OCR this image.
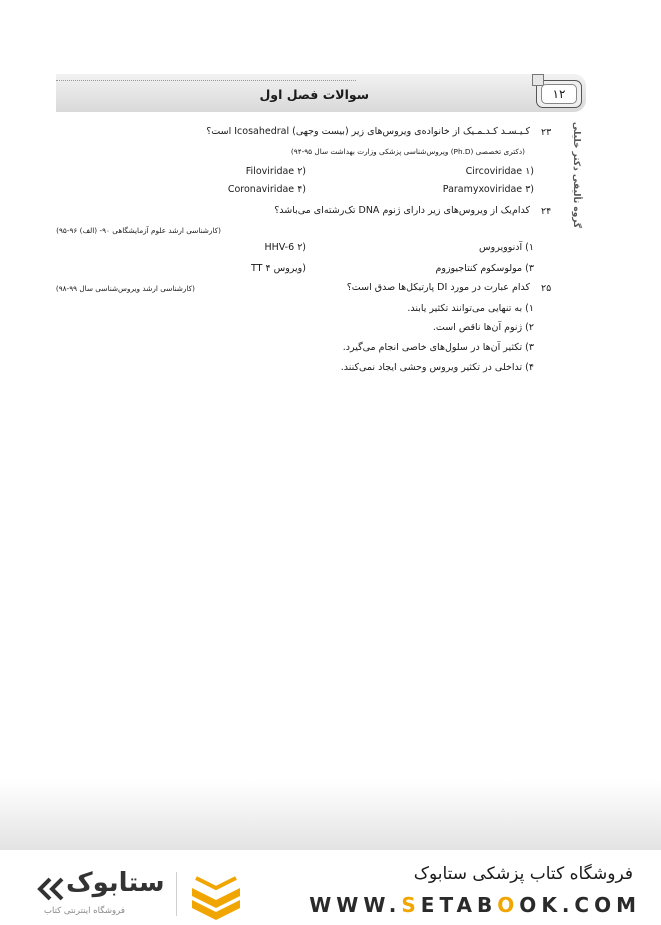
سوالات فصل اول	۱۲
گروه تألیفی دکتر خلیلی
۲۳
کـیـسـد کـدـمـیک از خانواده‌ی ویروس‌های زیر (بیست وجهی) Icosahedral است؟
(دکتری تخصصی (Ph.D) ویروس‌شناسی پزشکی وزارت بهداشت سال ۹۵-۹۴)
Circoviridae ۱)
Filoviridae ۲)
Paramyxoviridae ۳)
Coronaviridae ۴)
۲۴
کدام‌یک از ویروس‌های زیر دارای ژنوم DNA تک‌رشته‌ای می‌باشد؟
(کارشناسی ارشد علوم آزمایشگاهی ۹۰- (الف) ۹۶-۹۵)
۱) آدنوویروس
HHV-6 ۲)
۳) مولوسکوم کنتاجیوزوم
TT ویروس ۴)
۲۵
کدام عبارت در مورد DI پارتیکل‌ها صدق است؟
(کارشناسی ارشد ویروس‌شناسی سال ۹۹-۹۸)
۱) به تنهایی می‌توانند تکثیر یابند.
۲) ژنوم آن‌ها ناقص است.
۳) تکثیر آن‌ها در سلول‌های خاصی انجام می‌گیرد.
۴) تداخلی در تکثیر ویروس وحشی ایجاد نمی‌کنند.
فروشگاه کتاب پزشکی ستابوک
WWW.SETABOOK.COM
ستابوک
فروشگاه اینترنتی کتاب
